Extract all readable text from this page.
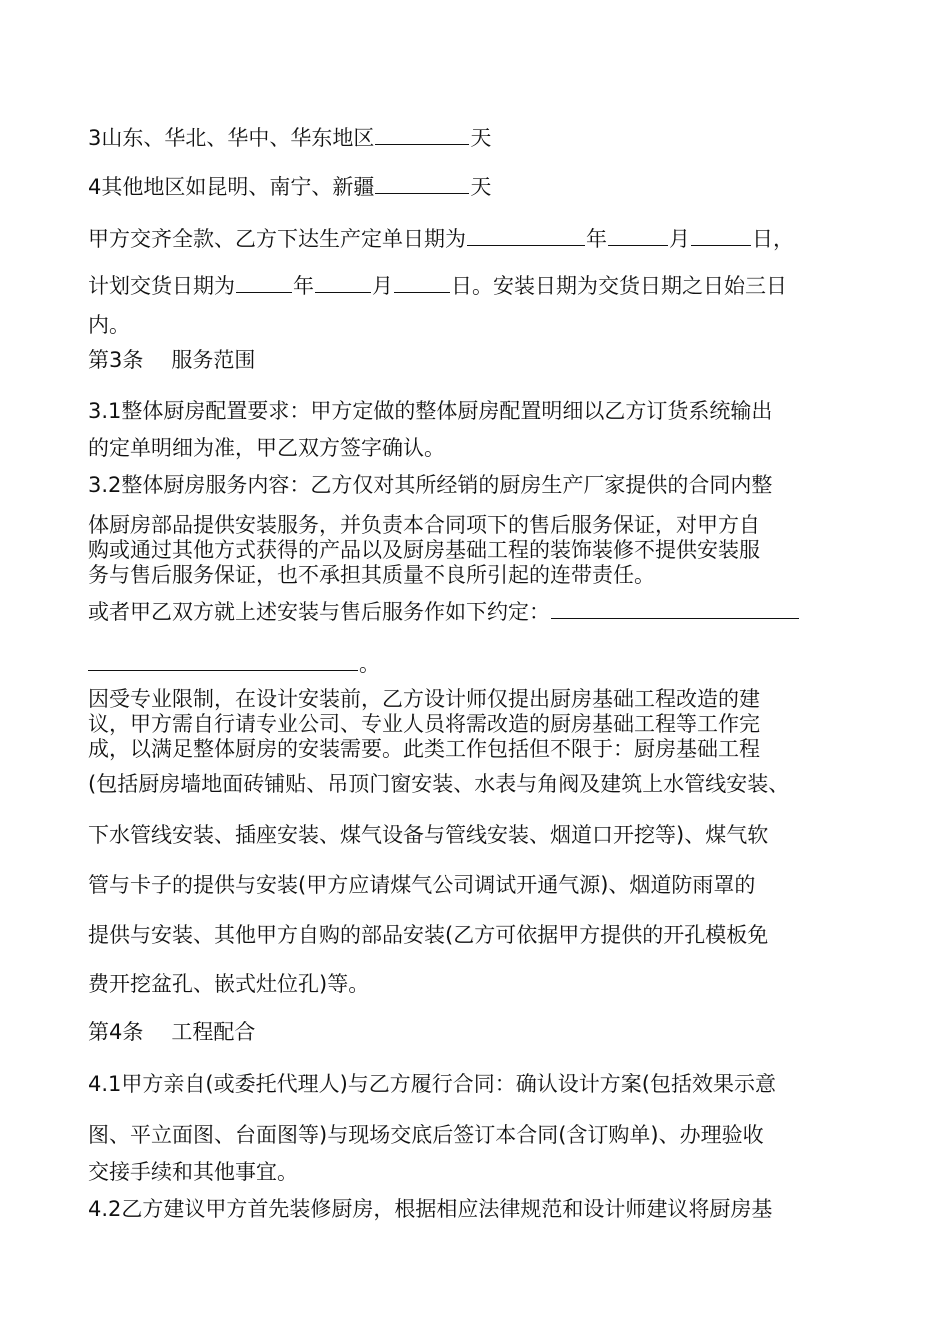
3山东、华北、华中、华东地区	天

4其他地区如昆明、南宁、新疆	天

甲方交齐全款、乙方下达生产定单日期为	年	月	日，

计划交货日期为	年	月	日。安装日期为交货日期之日始三日

内。

第3条 服务范围

3.1整体厨房配置要求：甲方定做的整体厨房配置明细以乙方订货系统输出

的定单明细为准，甲乙双方签字确认。

3.2整体厨房服务内容：乙方仅对其所经销的厨房生产厂家提供的合同内整

体厨房部品提供安装服务，并负责本合同项下的售后服务保证，对甲方自

购或通过其他方式获得的产品以及厨房基础工程的装饰装修不提供安装服

务与售后服务保证，也不承担其质量不良所引起的连带责任。

或者甲乙双方就上述安装与售后服务作如下约定：

。

因受专业限制，在设计安装前，乙方设计师仅提出厨房基础工程改造的建

议，甲方需自行请专业公司、专业人员将需改造的厨房基础工程等工作完

成，以满足整体厨房的安装需要。此类工作包括但不限于：厨房基础工程

(包括厨房墙地面砖铺贴、吊顶门窗安装、水表与角阀及建筑上水管线安装、

下水管线安装、插座安装、煤气设备与管线安装、烟道口开挖等)、煤气软

管与卡子的提供与安装(甲方应请煤气公司调试开通气源)、烟道防雨罩的

提供与安装、其他甲方自购的部品安装(乙方可依据甲方提供的开孔模板免

费开挖盆孔、嵌式灶位孔)等。

第4条 工程配合

4.1甲方亲自(或委托代理人)与乙方履行合同：确认设计方案(包括效果示意

图、平立面图、台面图等)与现场交底后签订本合同(含订购单)、办理验收

交接手续和其他事宜。

4.2乙方建议甲方首先装修厨房，根据相应法律规范和设计师建议将厨房基
